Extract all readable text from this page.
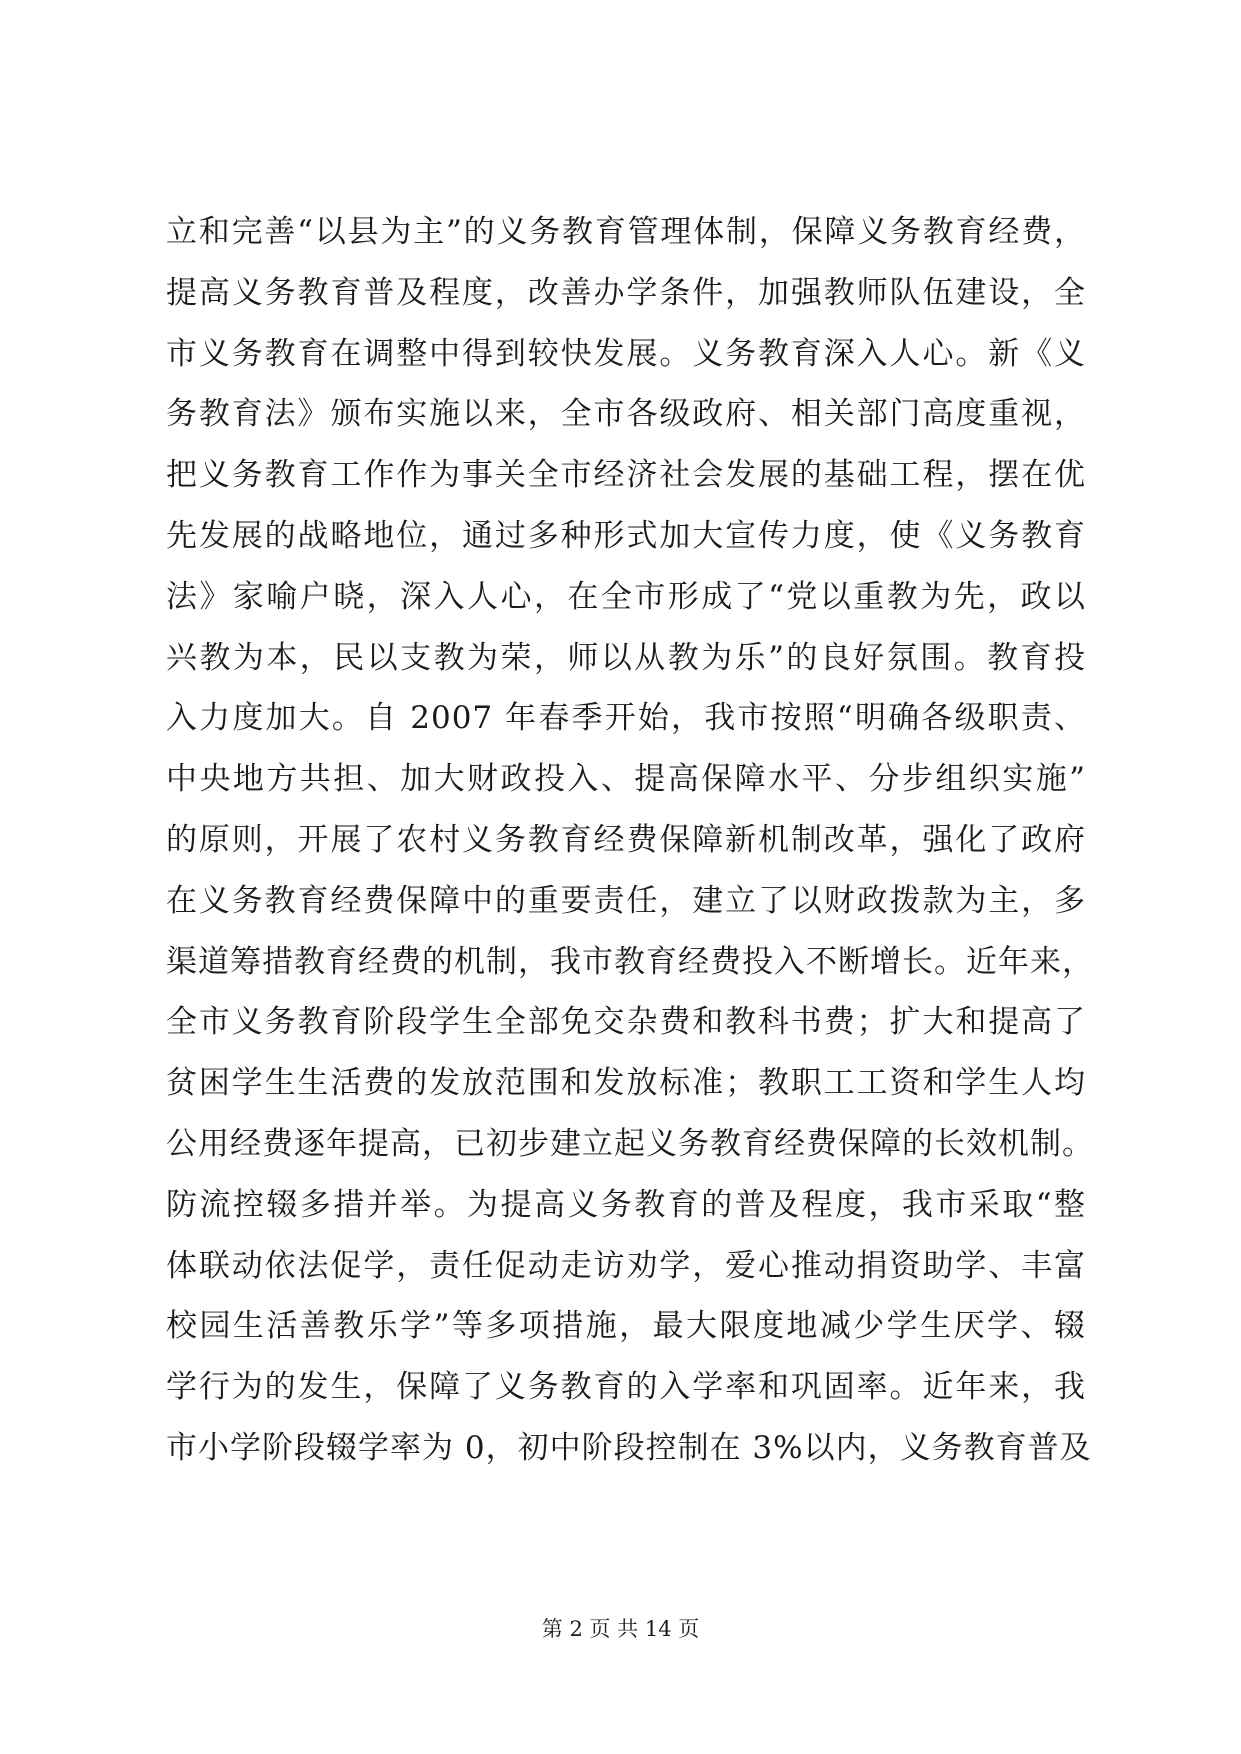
立和完善“以县为主”的义务教育管理体制，保障义务教育经费，
提高义务教育普及程度，改善办学条件，加强教师队伍建设，全
市义务教育在调整中得到较快发展。义务教育深入人心。新《义
务教育法》颁布实施以来，全市各级政府、相关部门高度重视，
把义务教育工作作为事关全市经济社会发展的基础工程，摆在优
先发展的战略地位，通过多种形式加大宣传力度，使《义务教育
法》家喻户晓，深入人心，在全市形成了“党以重教为先，政以
兴教为本，民以支教为荣，师以从教为乐”的良好氛围。教育投
入力度加大。自 2007 年春季开始，我市按照“明确各级职责、
中央地方共担、加大财政投入、提高保障水平、分步组织实施”
的原则，开展了农村义务教育经费保障新机制改革，强化了政府
在义务教育经费保障中的重要责任，建立了以财政拨款为主，多
渠道筹措教育经费的机制，我市教育经费投入不断增长。近年来，
全市义务教育阶段学生全部免交杂费和教科书费；扩大和提高了
贫困学生生活费的发放范围和发放标准；教职工工资和学生人均
公用经费逐年提高，已初步建立起义务教育经费保障的长效机制。
防流控辍多措并举。为提高义务教育的普及程度，我市采取“整
体联动依法促学，责任促动走访劝学，爱心推动捐资助学、丰富
校园生活善教乐学”等多项措施，最大限度地减少学生厌学、辍
学行为的发生，保障了义务教育的入学率和巩固率。近年来，我
市小学阶段辍学率为 0，初中阶段控制在 3%以内，义务教育普及
第 2 页 共 14 页
